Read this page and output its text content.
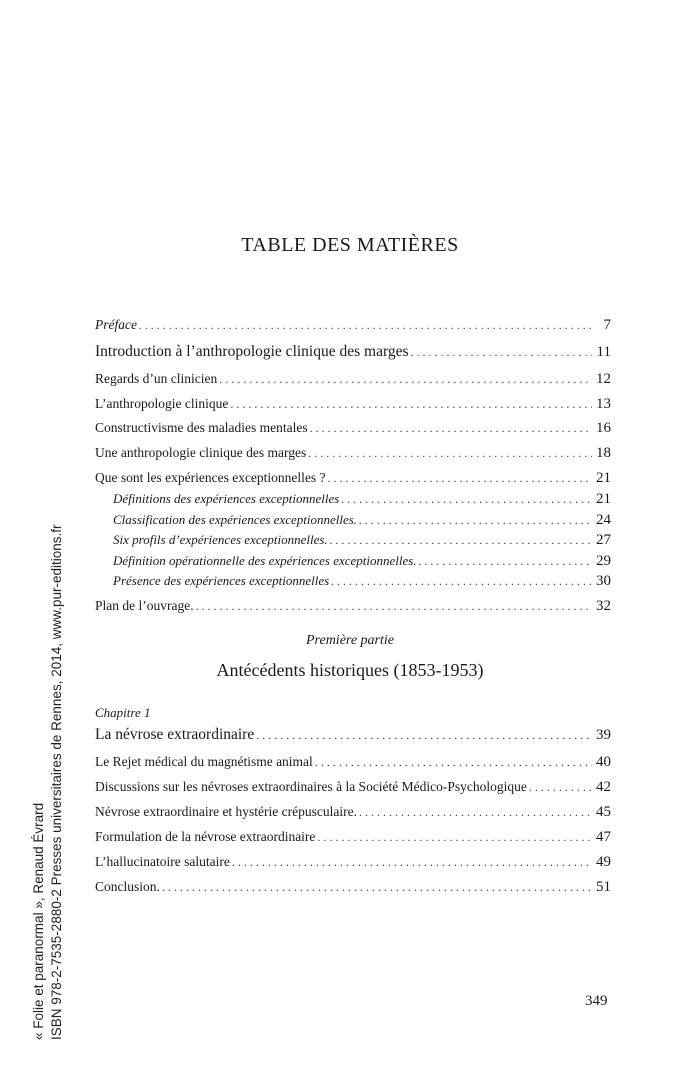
TABLE DES MATIÈRES
Préface . . .	7
Introduction à l’anthropologie clinique des marges . . .	11
Regards d’un clinicien . . .	12
L’anthropologie clinique . . .	13
Constructivisme des maladies mentales . . .	16
Une anthropologie clinique des marges . . .	18
Que sont les expériences exceptionnelles ? . . .	21
Définitions des expériences exceptionnelles . . .	21
Classification des expériences exceptionnelles. . . .	24
Six profils d’expériences exceptionnelles. . . .	27
Définition opérationnelle des expériences exceptionnelles. . . .	29
Présence des expériences exceptionnelles . . .	30
Plan de l’ouvrage. . . .	32
Première partie
Antécédents historiques (1853-1953)
Chapitre 1
La névrose extraordinaire . . .	39
Le Rejet médical du magnétisme animal . . .	40
Discussions sur les névroses extraordinaires à la Société Médico-Psychologique . . .	42
Névrose extraordinaire et hystérie crépusculaire. . . .	45
Formulation de la névrose extraordinaire . . .	47
L’hallucinatoire salutaire . . .	49
Conclusion. . . .	51
349
« Folie et paranormal », Renaud Évrard ISBN 978-2-7535-2880-2 Presses universitaires de Rennes, 2014, www.pur-editions.fr
